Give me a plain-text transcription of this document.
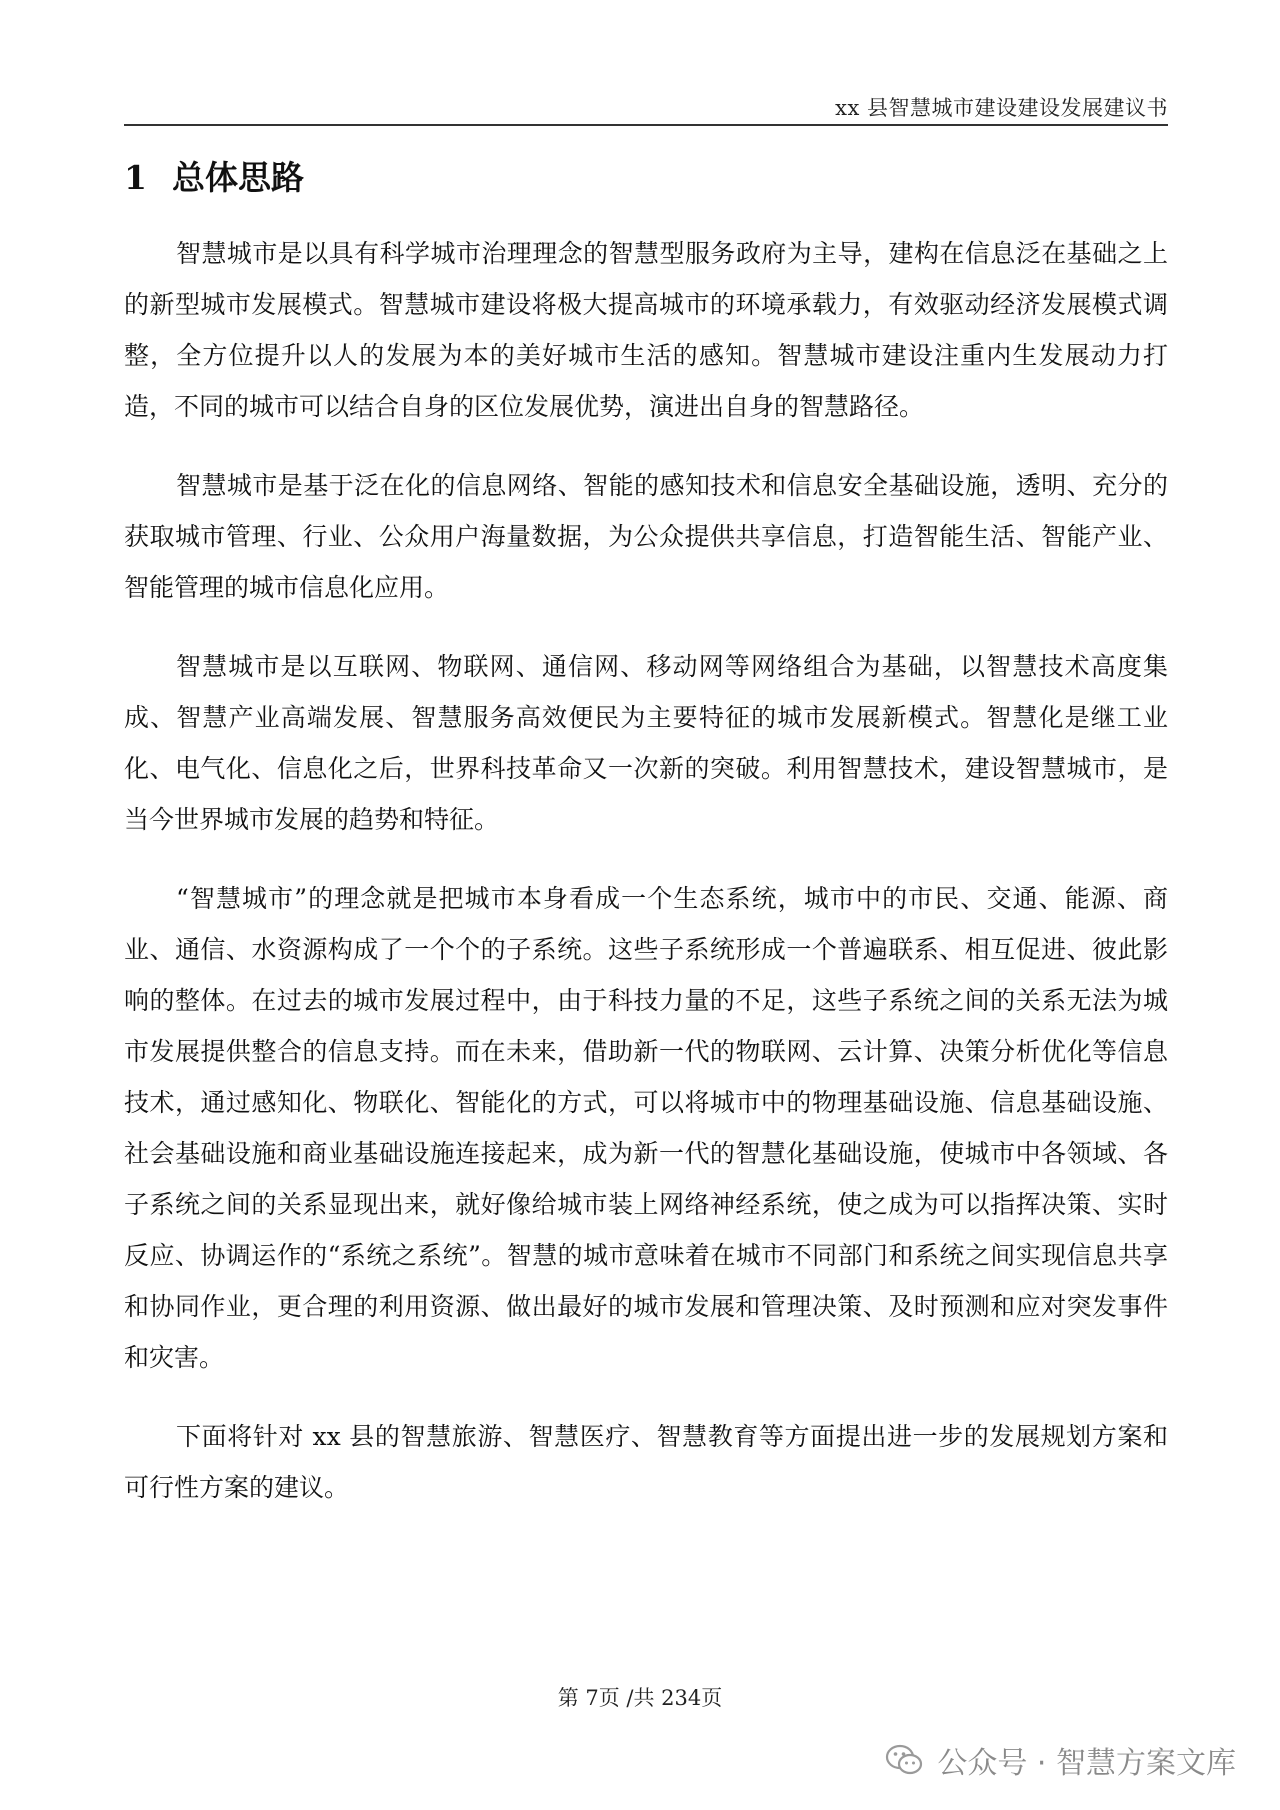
xx 县智慧城市建设建设发展建议书
1 总体思路

智慧城市是以具有科学城市治理理念的智慧型服务政府为主导，建构在信息泛在基础之上的新型城市发展模式。智慧城市建设将极大提高城市的环境承载力，有效驱动经济发展模式调整，全方位提升以人的发展为本的美好城市生活的感知。智慧城市建设注重内生发展动力打造，不同的城市可以结合自身的区位发展优势，演进出自身的智慧路径。

智慧城市是基于泛在化的信息网络、智能的感知技术和信息安全基础设施，透明、充分的获取城市管理、行业、公众用户海量数据，为公众提供共享信息，打造智能生活、智能产业、智能管理的城市信息化应用。

智慧城市是以互联网、物联网、通信网、移动网等网络组合为基础，以智慧技术高度集成、智慧产业高端发展、智慧服务高效便民为主要特征的城市发展新模式。智慧化是继工业化、电气化、信息化之后，世界科技革命又一次新的突破。利用智慧技术，建设智慧城市，是当今世界城市发展的趋势和特征。

“智慧城市”的理念就是把城市本身看成一个生态系统，城市中的市民、交通、能源、商业、通信、水资源构成了一个个的子系统。这些子系统形成一个普遍联系、相互促进、彼此影响的整体。在过去的城市发展过程中，由于科技力量的不足，这些子系统之间的关系无法为城市发展提供整合的信息支持。而在未来，借助新一代的物联网、云计算、决策分析优化等信息技术，通过感知化、物联化、智能化的方式，可以将城市中的物理基础设施、信息基础设施、社会基础设施和商业基础设施连接起来，成为新一代的智慧化基础设施，使城市中各领域、各子系统之间的关系显现出来，就好像给城市装上网络神经系统，使之成为可以指挥决策、实时反应、协调运作的“系统之系统”。智慧的城市意味着在城市不同部门和系统之间实现信息共享和协同作业，更合理的利用资源、做出最好的城市发展和管理决策、及时预测和应对突发事件和灾害。

下面将针对 xx 县的智慧旅游、智慧医疗、智慧教育等方面提出进一步的发展规划方案和可行性方案的建议。

第 7页 /共 234页
公众号 · 智慧方案文库
